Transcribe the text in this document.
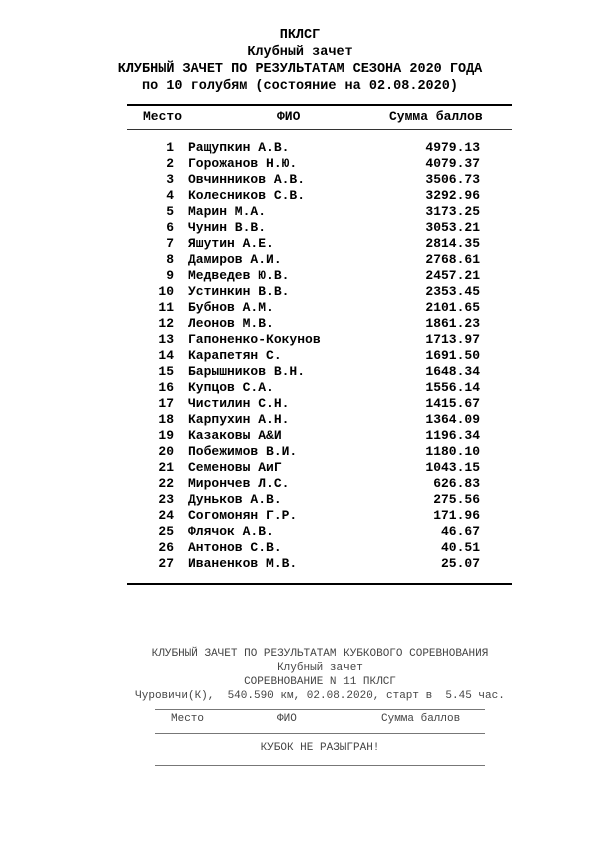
ПКЛСГ
Клубный зачет
КЛУБНЫЙ ЗАЧЕТ ПО РЕЗУЛЬТАТАМ СЕЗОНА 2020 ГОДА
по 10 голубям (состояние на 02.08.2020)
Место	ФИО	Сумма баллов
1 Ращупкин А.В.	4979.13
2 Горожанов Н.Ю.	4079.37
3 Овчинников А.В.	3506.73
4 Колесников С.В.	3292.96
5 Марин М.А.	3173.25
6 Чунин В.В.	3053.21
7 Яшутин А.Е.	2814.35
8 Дамиров А.И.	2768.61
9 Медведев Ю.В.	2457.21
10 Устинкин В.В.	2353.45
11 Бубнов А.М.	2101.65
12 Леонов М.В.	1861.23
13 Гапоненко-Кокунов	1713.97
14 Карапетян С.	1691.50
15 Барышников В.Н.	1648.34
16 Купцов С.А.	1556.14
17 Чистилин С.Н.	1415.67
18 Карпухин А.Н.	1364.09
19 Казаковы А&И	1196.34
20 Побежимов В.И.	1180.10
21 Семеновы АиГ	1043.15
22 Мирончев Л.С.	626.83
23 Дуньков А.В.	275.56
24 Согомонян Г.Р.	171.96
25 Флячок А.В.	46.67
26 Антонов С.В.	40.51
27 Иваненков М.В.	25.07
КЛУБНЫЙ ЗАЧЕТ ПО РЕЗУЛЬТАТАМ КУБКОВОГО СОРЕВНОВАНИЯ
Клубный зачет
СОРЕВНОВАНИЕ N 11 ПКЛСГ
Чуровичи(К),  540.590 км, 02.08.2020, старт в  5.45 час.
Место	ФИО	Сумма баллов
КУБОК НЕ РАЗЫГРАН!
